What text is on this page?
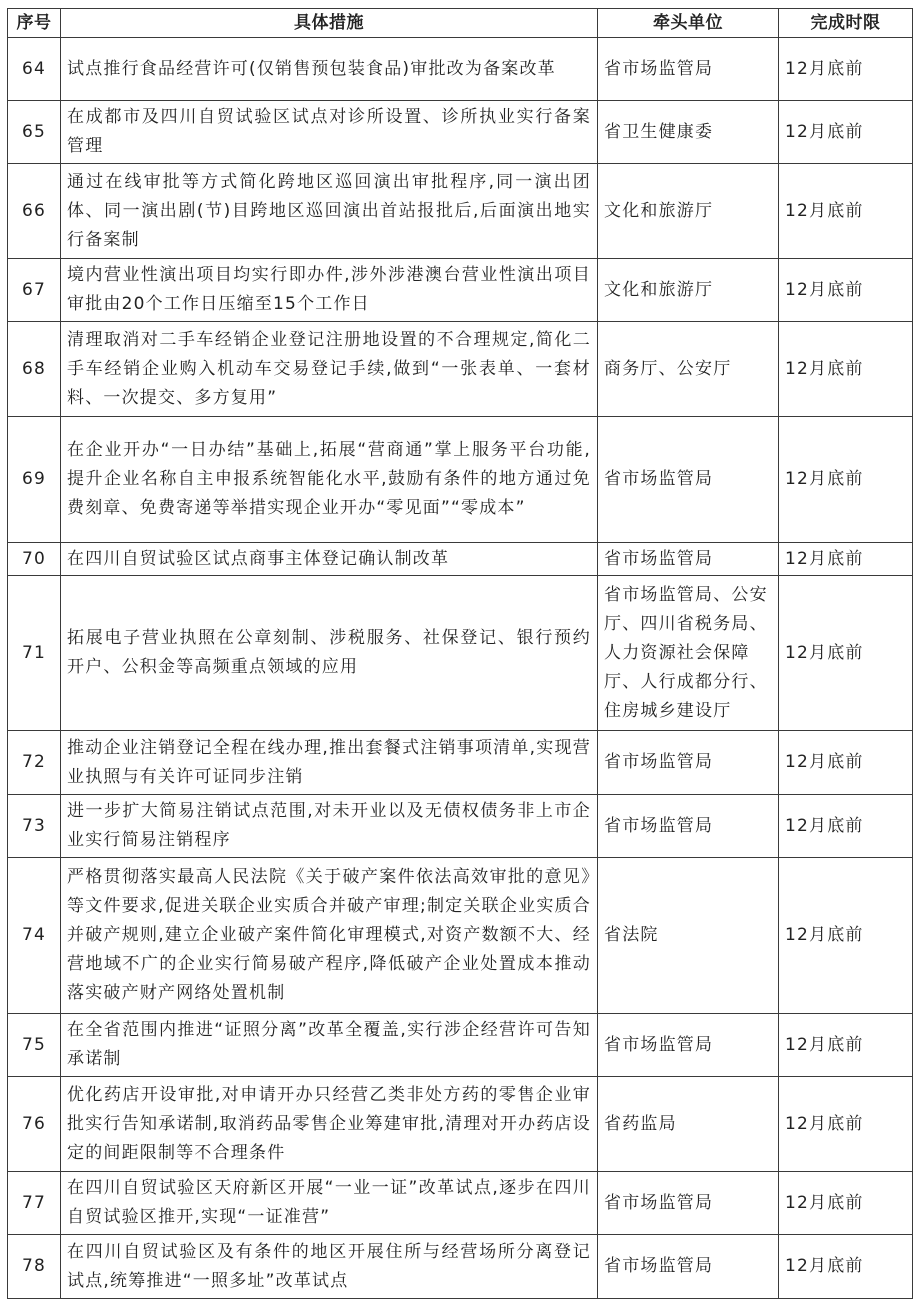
序号	具体措施	牵头单位	完成时限
64	试点推行食品经营许可(仅销售预包装食品)审批改为备案改革	省市场监管局	12月底前
65	在成都市及四川自贸试验区试点对诊所设置、诊所执业实行备案管理	省卫生健康委	12月底前
66	通过在线审批等方式简化跨地区巡回演出审批程序,同一演出团体、同一演出剧(节)目跨地区巡回演出首站报批后,后面演出地实行备案制	文化和旅游厅	12月底前
67	境内营业性演出项目均实行即办件,涉外涉港澳台营业性演出项目审批由20个工作日压缩至15个工作日	文化和旅游厅	12月底前
68	清理取消对二手车经销企业登记注册地设置的不合理规定,简化二手车经销企业购入机动车交易登记手续,做到“一张表单、一套材料、一次提交、多方复用”	商务厅、公安厅	12月底前
69	在企业开办“一日办结”基础上,拓展“营商通”掌上服务平台功能,提升企业名称自主申报系统智能化水平,鼓励有条件的地方通过免费刻章、免费寄递等举措实现企业开办“零见面”“零成本”	省市场监管局	12月底前
70	在四川自贸试验区试点商事主体登记确认制改革	省市场监管局	12月底前
71	拓展电子营业执照在公章刻制、涉税服务、社保登记、银行预约开户、公积金等高频重点领域的应用	省市场监管局、公安厅、四川省税务局、人力资源社会保障厅、人行成都分行、住房城乡建设厅	12月底前
72	推动企业注销登记全程在线办理,推出套餐式注销事项清单,实现营业执照与有关许可证同步注销	省市场监管局	12月底前
73	进一步扩大简易注销试点范围,对未开业以及无债权债务非上市企业实行简易注销程序	省市场监管局	12月底前
74	严格贯彻落实最高人民法院《关于破产案件依法高效审批的意见》等文件要求,促进关联企业实质合并破产审理;制定关联企业实质合并破产规则,建立企业破产案件简化审理模式,对资产数额不大、经营地域不广的企业实行简易破产程序,降低破产企业处置成本推动落实破产财产网络处置机制	省法院	12月底前
75	在全省范围内推进“证照分离”改革全覆盖,实行涉企经营许可告知承诺制	省市场监管局	12月底前
76	优化药店开设审批,对申请开办只经营乙类非处方药的零售企业审批实行告知承诺制,取消药品零售企业筹建审批,清理对开办药店设定的间距限制等不合理条件	省药监局	12月底前
77	在四川自贸试验区天府新区开展“一业一证”改革试点,逐步在四川自贸试验区推开,实现“一证准营”	省市场监管局	12月底前
78	在四川自贸试验区及有条件的地区开展住所与经营场所分离登记试点,统筹推进“一照多址”改革试点	省市场监管局	12月底前
